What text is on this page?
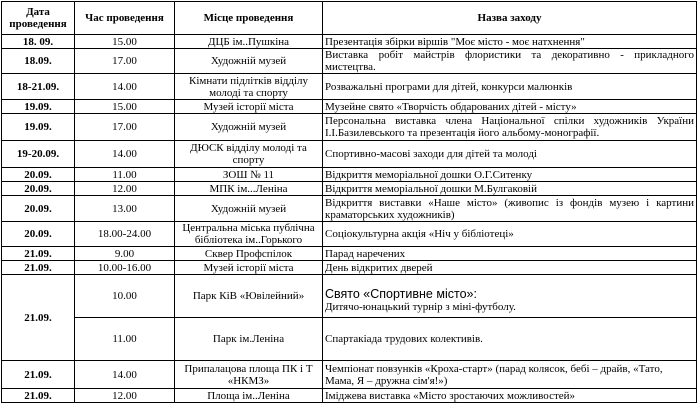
Дата проведення	Час проведення	Місце проведення	Назва заходу
18. 09.	15.00	ДЦБ ім..Пушкіна	Презентація збірки віршів "Моє місто - моє натхнення"
18.09.	17.00	Художній музей	Виставка робіт майстрів флористики та декоративно - прикладного мистецтва.
18-21.09.	14.00	Кімнати підлітків відділу молоді та спорту	Розважальні програми для дітей, конкурси малюнків
19.09.	15.00	Музей історії міста	Музейне свято «Творчість обдарованих дітей - місту»
19.09.	17.00	Художній музей	Персональна виставка члена Національної спілки художників України І.І.Базилевського та презентація його альбому-монографії.
19-20.09.	14.00	ДЮСК відділу молоді та спорту	Спортивно-масові заходи для дітей та молоді
20.09.	11.00	ЗОШ № 11	Відкриття меморіальної дошки О.Г.Ситенку
20.09.	12.00	МПК ім...Леніна	Відкриття меморіальної дошки М.Булгаковій
20.09.	13.00	Художній музей	Відкриття виставки «Наше місто» (живопис із фондів музею і картини краматорських художників)
20.09.	18.00-24.00	Центральна міська публічна бібліотека ім..Горького	Соціокультурна акція «Ніч у бібліотеці»
21.09.	9.00	Сквер Профспілок	Парад наречених
21.09.	10.00-16.00	Музей історії міста	День відкритих дверей
21.09.	10.00	Парк КіВ «Ювілейний»	Свято «Спортивне місто»:
Дитячо-юнацький турнір з міні-футболу.

	11.00	Парк ім.Леніна	Спартакіада трудових колективів.
21.09.	14.00	Припалацова площа ПК і Т «НКМЗ»	Чемпіонат повзунків «Кроха-старт» (парад колясок, бебі – драйв, «Тато, Мама, Я – дружна сім'я!»)
21.09.	12.00	Площа ім..Леніна	Іміджева виставка «Місто зростаючих можливостей»
